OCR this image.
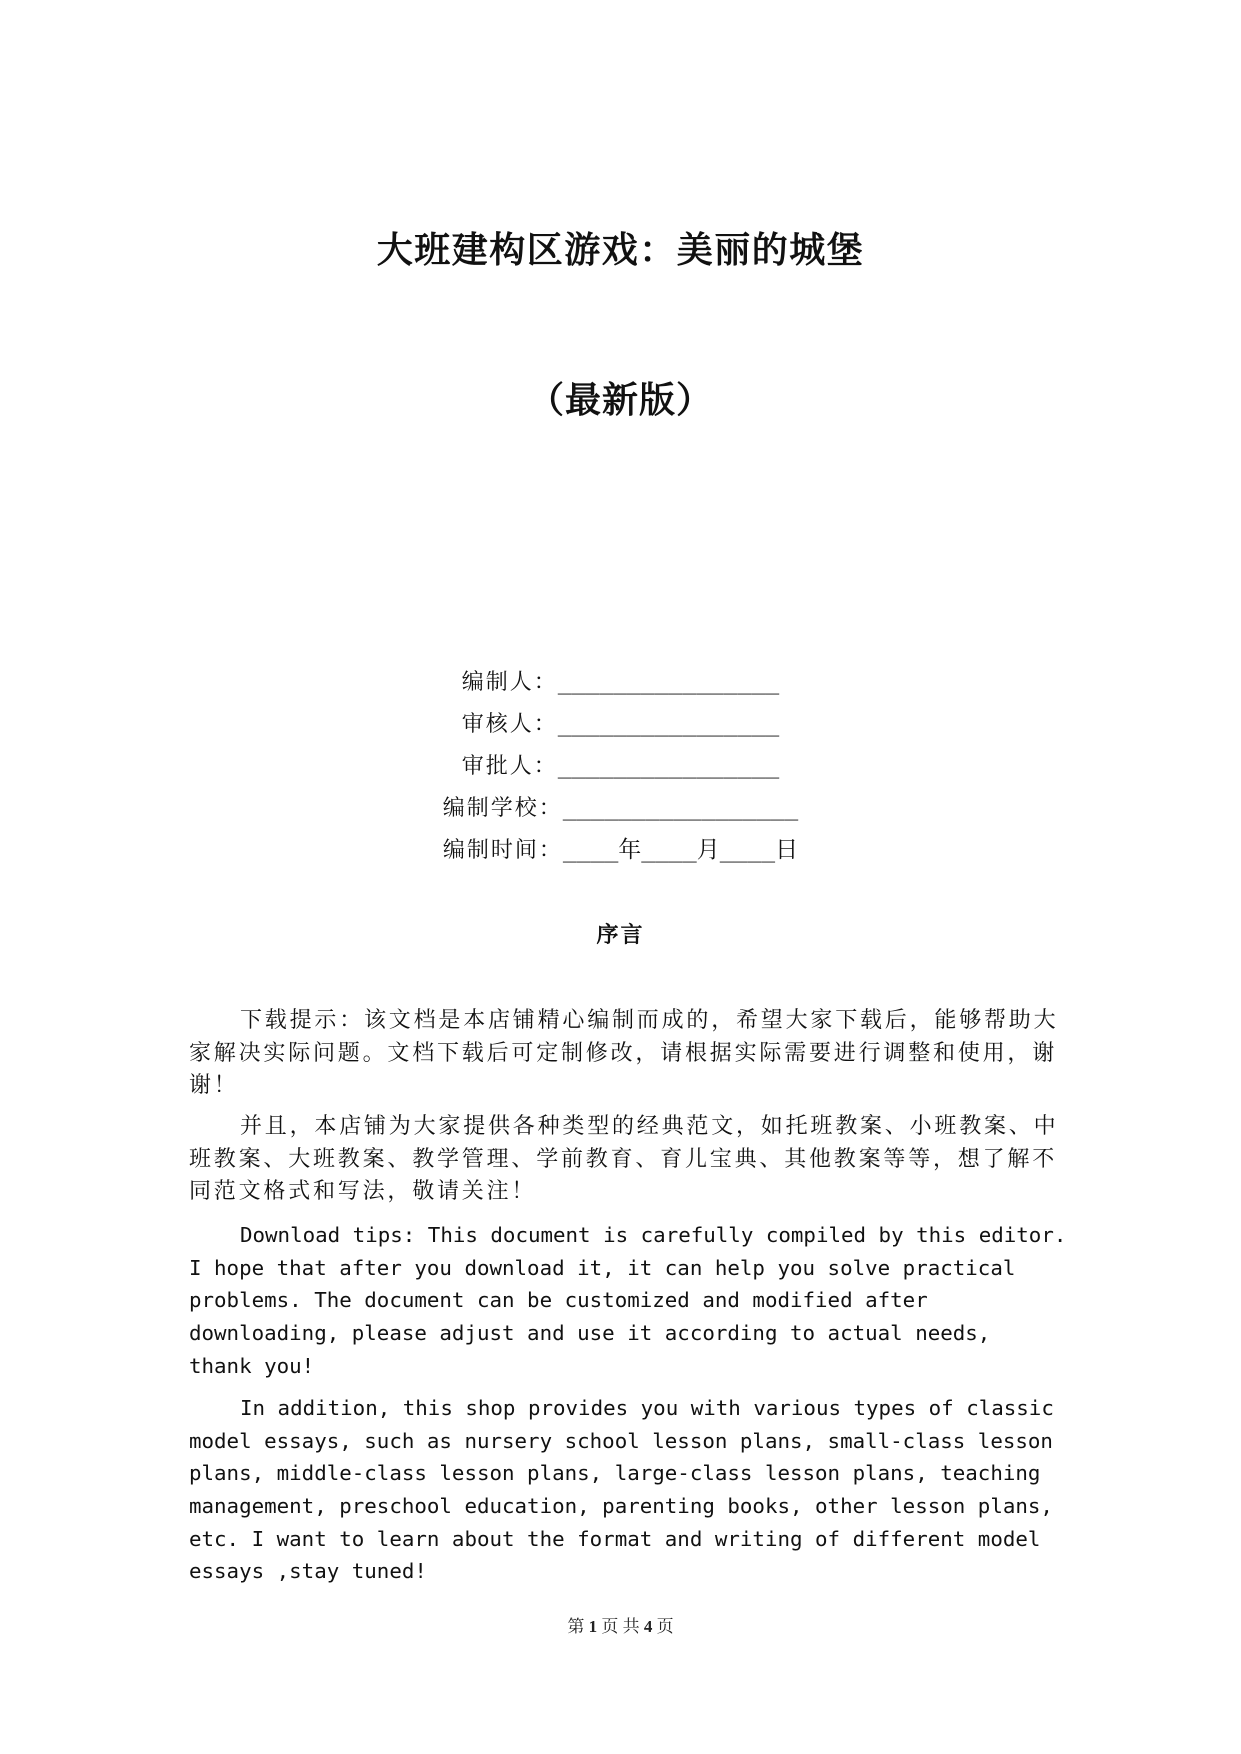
大班建构区游戏：美丽的城堡
（最新版）
编制人：________________
审核人：________________
审批人：________________
编制学校：_________________
编制时间：____年____月____日
序言
下载提示：该文档是本店铺精心编制而成的，希望大家下载后，能够帮助大
家解决实际问题。文档下载后可定制修改，请根据实际需要进行调整和使用，谢
谢！
并且，本店铺为大家提供各种类型的经典范文，如托班教案、小班教案、中
班教案、大班教案、教学管理、学前教育、育儿宝典、其他教案等等，想了解不
同范文格式和写法，敬请关注！
Download tips: This document is carefully compiled by this editor.
I hope that after you download it, it can help you solve practical
problems. The document can be customized and modified after
downloading, please adjust and use it according to actual needs,
thank you!
In addition, this shop provides you with various types of classic
model essays, such as nursery school lesson plans, small-class lesson
plans, middle-class lesson plans, large-class lesson plans, teaching
management, preschool education, parenting books, other lesson plans,
etc. I want to learn about the format and writing of different model
essays ,stay tuned!
第 1 页 共 4 页
